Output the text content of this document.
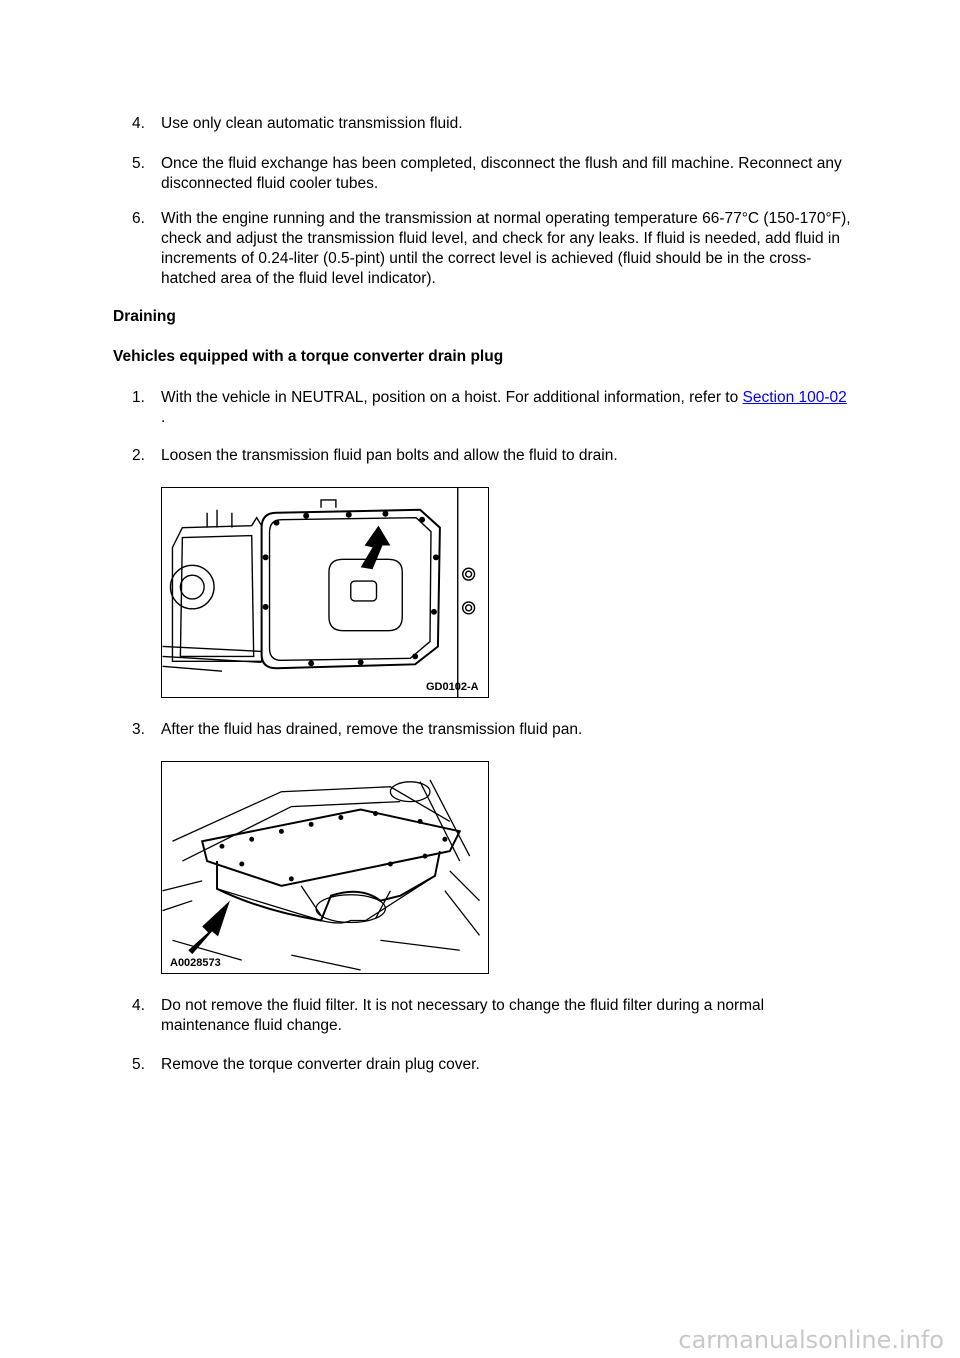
4.	Use only clean automatic transmission fluid.
5.	Once the fluid exchange has been completed, disconnect the flush and fill machine. Reconnect any disconnected fluid cooler tubes.
6.	With the engine running and the transmission at normal operating temperature 66-77°C (150-170°F), check and adjust the transmission fluid level, and check for any leaks. If fluid is needed, add fluid in increments of 0.24-liter (0.5-pint) until the correct level is achieved (fluid should be in the cross-hatched area of the fluid level indicator).
Draining
Vehicles equipped with a torque converter drain plug
1.	With the vehicle in NEUTRAL, position on a hoist. For additional information, refer to Section 100-02 .
2.	Loosen the transmission fluid pan bolts and allow the fluid to drain.
GD0102-A
3.	After the fluid has drained, remove the transmission fluid pan.
A0028573
4.	Do not remove the fluid filter. It is not necessary to change the fluid filter during a normal maintenance fluid change.
5.	Remove the torque converter drain plug cover.
carmanualsonline.info
